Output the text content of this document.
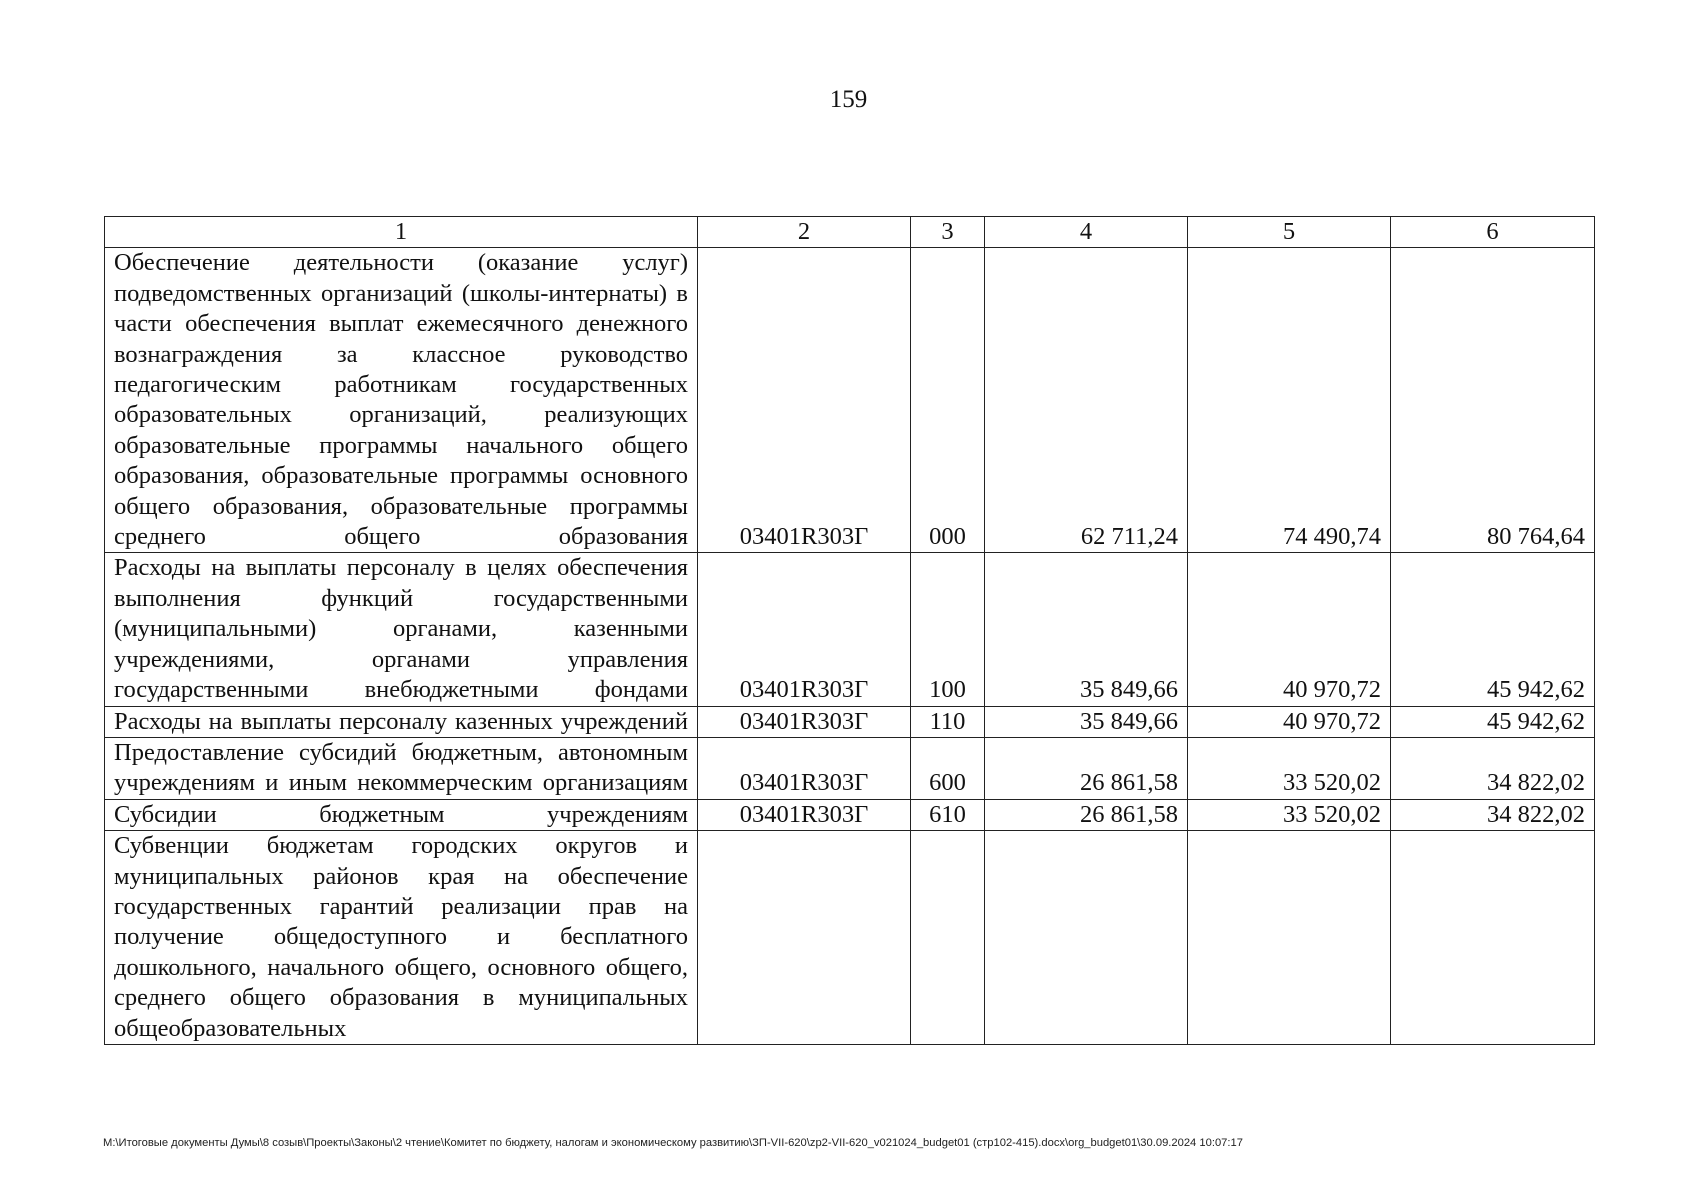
159
1	2	3	4	5	6
Обеспечение деятельности (оказание услуг) подведомственных организаций (школы-интернаты) в части обеспечения выплат ежемесячного денежного вознаграждения за классное руководство педагогическим работникам государственных образовательных организаций, реализующих образовательные программы начального общего образования, образовательные программы основного общего образования, образовательные программы среднего общего образования	03401R303Г	000	62 711,24	74 490,74	80 764,64
Расходы на выплаты персоналу в целях обеспечения выполнения функций государственными (муниципальными) органами, казенными учреждениями, органами управления государственными внебюджетными фондами	03401R303Г	100	35 849,66	40 970,72	45 942,62
Расходы на выплаты персоналу казенных учреждений	03401R303Г	110	35 849,66	40 970,72	45 942,62
Предоставление субсидий бюджетным, автономным учреждениям и иным некоммерческим организациям	03401R303Г	600	26 861,58	33 520,02	34 822,02
Субсидии бюджетным учреждениям	03401R303Г	610	26 861,58	33 520,02	34 822,02
Субвенции бюджетам городских округов и муниципальных районов края на обеспечение государственных гарантий реализации прав на получение общедоступного и бесплатного дошкольного, начального общего, основного общего, среднего общего образования в муниципальных общеобразовательных					
M:\Итоговые документы Думы\8 созыв\Проекты\Законы\2 чтение\Комитет по бюджету, налогам и экономическому развитию\ЗП-VII-620\zp2-VII-620_v021024_budget01 (стр102-415).docx\org_budget01\30.09.2024 10:07:17
